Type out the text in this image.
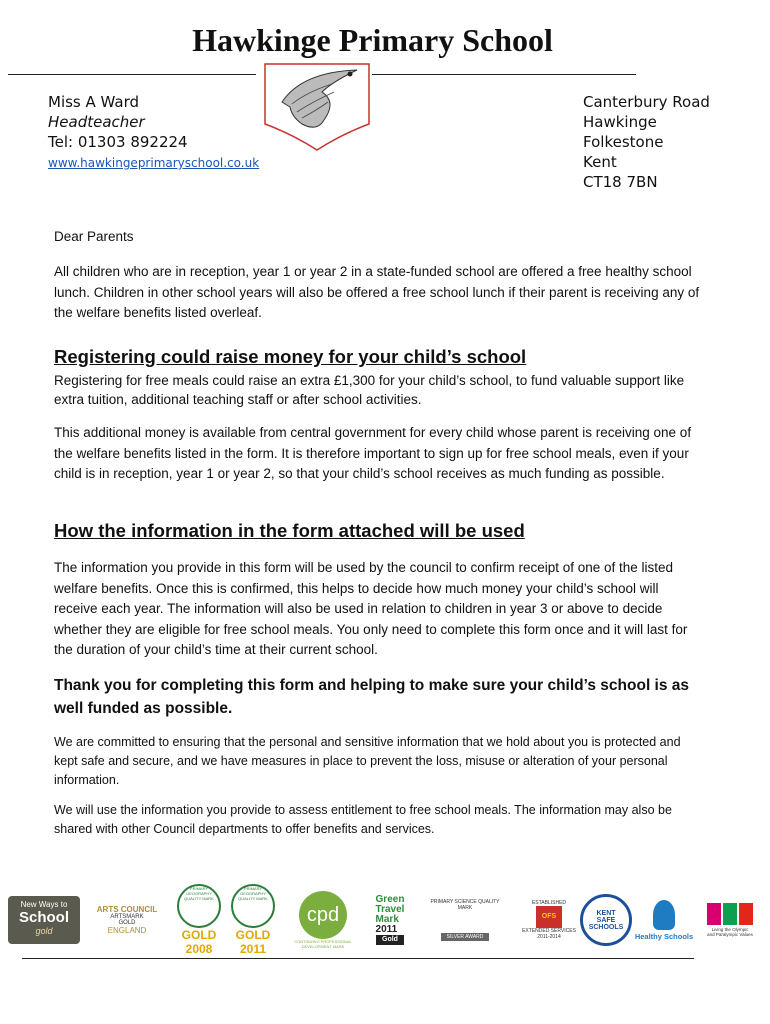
Hawkinge Primary School
Miss A Ward
Headteacher
Tel: 01303 892224
www.hawkingeprimaryschool.co.uk
Canterbury Road
Hawkinge
Folkestone
Kent
CT18 7BN

Dear Parents

All children who are in reception, year 1 or year 2 in a state-funded school are offered a free healthy school lunch. Children in other school years will also be offered a free school lunch if their parent is receiving any of the welfare benefits listed overleaf.

Registering could raise money for your child’s school

Registering for free meals could raise an extra £1,300 for your child’s school, to fund valuable support like extra tuition, additional teaching staff or after school activities.

This additional money is available from central government for every child whose parent is receiving one of the welfare benefits listed in the form. It is therefore important to sign up for free school meals, even if your child is in reception, year 1 or year 2, so that your child’s school receives as much funding as possible.

How the information in the form attached will be used

The information you provide in this form will be used by the council to confirm receipt of one of the listed welfare benefits. Once this is confirmed, this helps to decide how much money your child’s school will receive each year. The information will also be used in relation to children in year 3 or above to decide whether they are eligible for free school meals. You only need to complete this form once and it will last for the duration of your child’s time at their current school.

Thank you for completing this form and helping to make sure your child’s school is as well funded as possible.

We are committed to ensuring that the personal and sensitive information that we hold about you is protected and kept safe and secure, and we have measures in place to prevent the loss, misuse or alteration of your personal information.

We will use the information you provide to assess entitlement to free school meals. The information may also be shared with other Council departments to offer benefits and services.

New Ways to
School
gold
ARTS COUNCIL
ARTSMARK
GOLD
ENGLAND
PRIMARY GEOGRAPHY QUALITY MARK
GOLD
2008
PRIMARY GEOGRAPHY QUALITY MARK
GOLD
2011
cpd
CONTINUING PROFESSIONAL DEVELOPMENT MARK
Green
Travel
Mark
2011
Gold
PRIMARY SCIENCE QUALITY MARK
SILVER AWARD
ESTABLISHED
OFS
EXTENDED SERVICES
2011-2014
KENT
SAFE
SCHOOLS
Healthy Schools
Living the Olympic
and Paralympic Values
